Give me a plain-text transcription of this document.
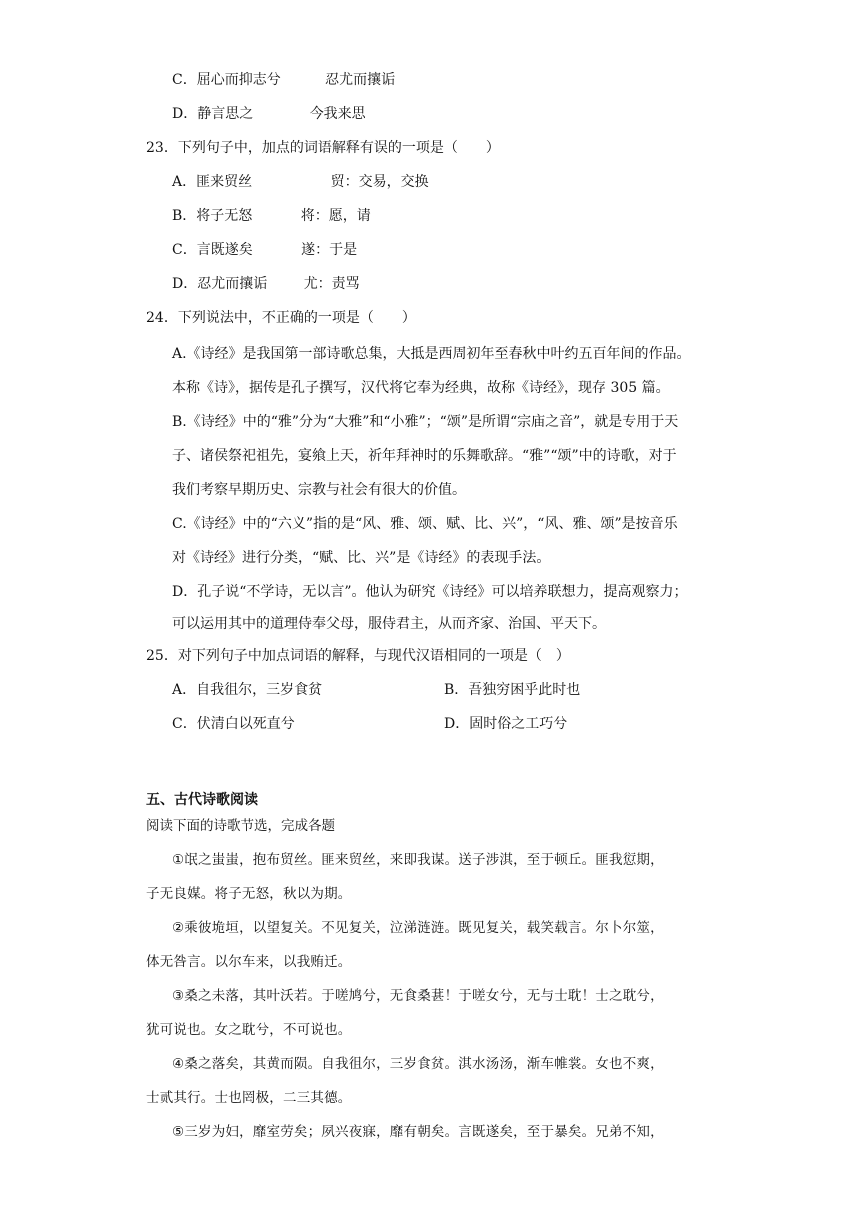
C．屈心而抑志兮	忍尤而攘诟
D．静言思之	今我来思
23．下列句子中，加点的词语解释有误的一项是（　　）
A．匪来贸丝	贸：交易，交换
B．将子无怒	将：愿，请
C．言既遂矣	遂：于是
D．忍尤而攘诟	尤：责骂
24．下列说法中，不正确的一项是（　　）
A.《诗经》是我国第一部诗歌总集，大抵是西周初年至春秋中叶约五百年间的作品。
本称《诗》，据传是孔子撰写，汉代将它奉为经典，故称《诗经》，现存 305 篇。
B.《诗经》中的“雅”分为“大雅”和“小雅”；“颂”是所谓“宗庙之音”，就是专用于天
子、诸侯祭祀祖先，宴飨上天，祈年拜神时的乐舞歌辞。“雅”“颂”中的诗歌，对于
我们考察早期历史、宗教与社会有很大的价值。
C.《诗经》中的“六义”指的是“风、雅、颂、赋、比、兴”，“风、雅、颂”是按音乐
对《诗经》进行分类，“赋、比、兴”是《诗经》的表现手法。
D．孔子说“不学诗，无以言”。他认为研究《诗经》可以培养联想力，提高观察力；
可以运用其中的道理侍奉父母，服侍君主，从而齐家、治国、平天下。
25．对下列句子中加点词语的解释，与现代汉语相同的一项是（　）
A．自我徂尔，三岁食贫	B．吾独穷困乎此时也
C．伏清白以死直兮	D．固时俗之工巧兮
五、古代诗歌阅读
阅读下面的诗歌节选，完成各题
①氓之蚩蚩，抱布贸丝。匪来贸丝，来即我谋。送子涉淇，至于顿丘。匪我愆期，
子无良媒。将子无怒，秋以为期。
②乘彼垝垣，以望复关。不见复关，泣涕涟涟。既见复关，载笑载言。尔卜尔筮，
体无咎言。以尔车来，以我贿迁。
③桑之未落，其叶沃若。于嗟鸠兮，无食桑葚！于嗟女兮，无与士耽！士之耽兮，
犹可说也。女之耽兮，不可说也。
④桑之落矣，其黄而陨。自我徂尔，三岁食贫。淇水汤汤，渐车帷裳。女也不爽，
士贰其行。士也罔极，二三其德。
⑤三岁为妇，靡室劳矣；夙兴夜寐，靡有朝矣。言既遂矣，至于暴矣。兄弟不知，
